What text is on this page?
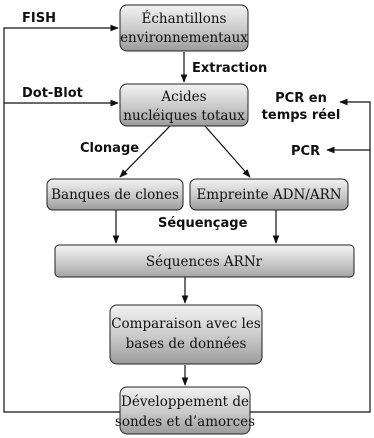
Échantillons
environnementaux
Acides
nucléiques totaux
Banques de clones Empreinte ADN/ARN
Séquences ARNr
Comparaison avec les
bases de données
Développement de
sondes et d’amorces
FISH
Extraction
Dot-Blot
Clonage
Séquençage
PCR en
temps réel
PCR
